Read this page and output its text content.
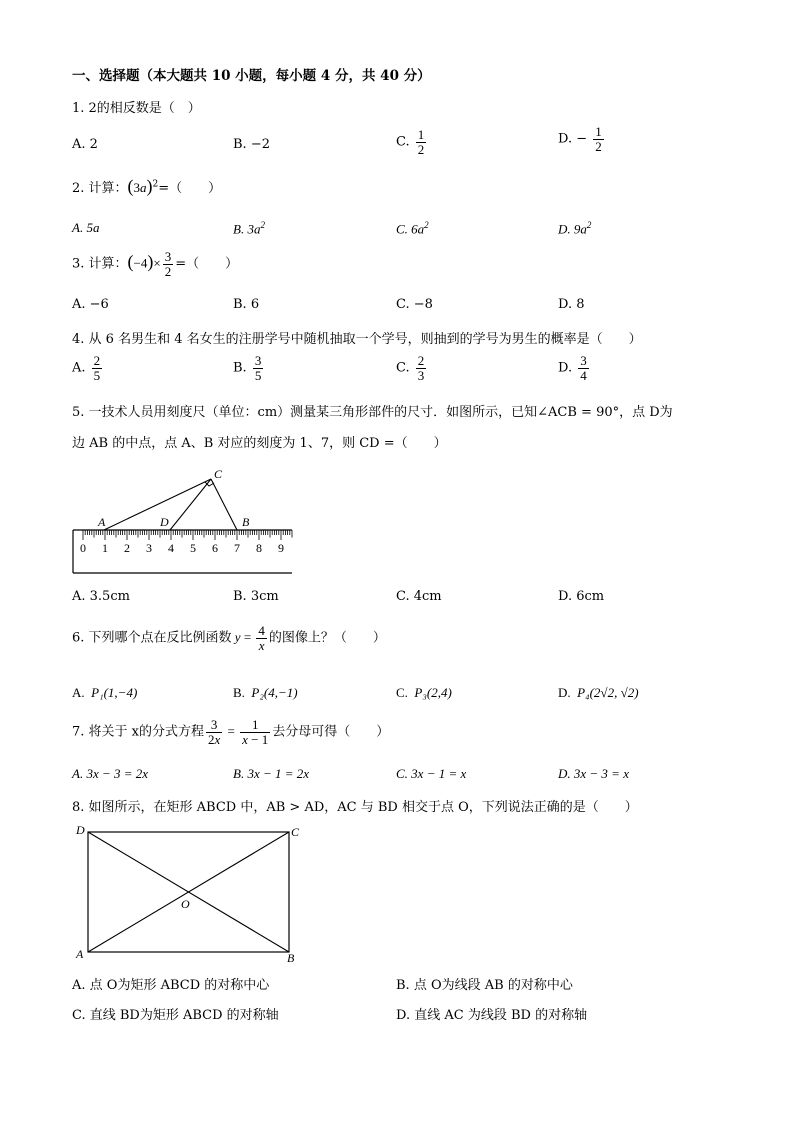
一、选择题（本大题共 10 小题，每小题 4 分，共 40 分）
1. 2的相反数是（　）
A. 2	B. −2	C. $\frac{1}{2}$	D. − $\frac{1}{2}$
2. 计算：$(3a)^2=$（　　）
A. 5a	B. $3a^2$	C. $6a^2$	D. $9a^2$
3. 计算：$(-4)\times \frac{3}{2}$ =（　　）
A. −6	B. 6	C. −8	D. 8
4. 从 6 名男生和 4 名女生的注册学号中随机抽取一个学号，则抽到的学号为男生的概率是（　　）
A. $\frac{2}{5}$	B. $\frac{3}{5}$	C. $\frac{2}{3}$	D. $\frac{3}{4}$
5. 一技术人员用刻度尺（单位：cm）测量某三角形部件的尺寸．如图所示，已知∠ACB = 90°，点 D为
边 AB 的中点，点 A、B 对应的刻度为 1、7，则 CD =（　　）
0 1 2 3 4 5 6 7 8 9
A	D
C
B
A. 3.5cm	B. 3cm	C. 4cm	D. 6cm
6. 下列哪个点在反比例函数 $y = \frac{4}{x}$ 的图像上？（　　）
A.  P₁(1,−4)	B.  P₂(4,−1)	C.  P₃(2,4)	D.  P₄(2√2, √2)
7. 将关于 x的分式方程 $\frac{3}{2x} = \frac{1}{x - 1}$ 去分母可得（　　）
A. 3x − 3 = 2x	B. 3x − 1 = 2x	C. 3x − 1 = x	D. 3x − 3 = x
8. 如图所示，在矩形 ABCD 中，AB > AD，AC 与 BD 相交于点 O，下列说法正确的是（　　）
D	C
A	B
O
A. 点 O为矩形 ABCD 的对称中心	B. 点 O为线段 AB 的对称中心
C. 直线 BD为矩形 ABCD 的对称轴	D. 直线 AC 为线段 BD 的对称轴
